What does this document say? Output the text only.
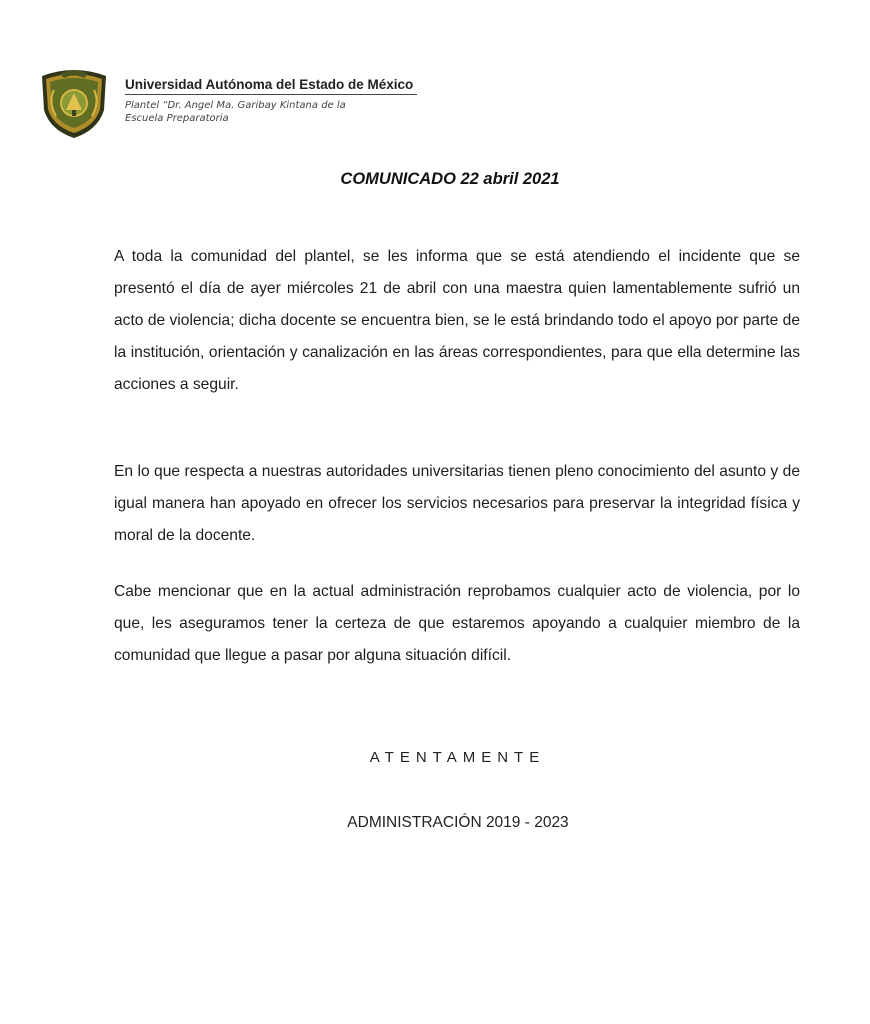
Universidad Autónoma del Estado de México
Plantel “Dr. Angel Ma. Garibay Kintana de la
Escuela Preparatoria
COMUNICADO 22 abril 2021

A toda la comunidad del plantel, se les informa que se está atendiendo el incidente que se presentó el día de ayer miércoles 21 de abril con una maestra quien lamentablemente sufrió un acto de violencia; dicha docente se encuentra bien, se le está brindando todo el apoyo por parte de la institución, orientación y canalización en las áreas correspondientes, para que ella determine las acciones a seguir.

En lo que respecta a nuestras autoridades universitarias tienen pleno conocimiento del asunto y de igual manera han apoyado en ofrecer los servicios necesarios para preservar la integridad física y moral de la docente.

Cabe mencionar que en la actual administración reprobamos cualquier acto de violencia, por lo que, les aseguramos tener la certeza de que estaremos apoyando a cualquier miembro de la comunidad que llegue a pasar por alguna situación difícil.

ATENTAMENTE
ADMINISTRACIÓN 2019 - 2023
